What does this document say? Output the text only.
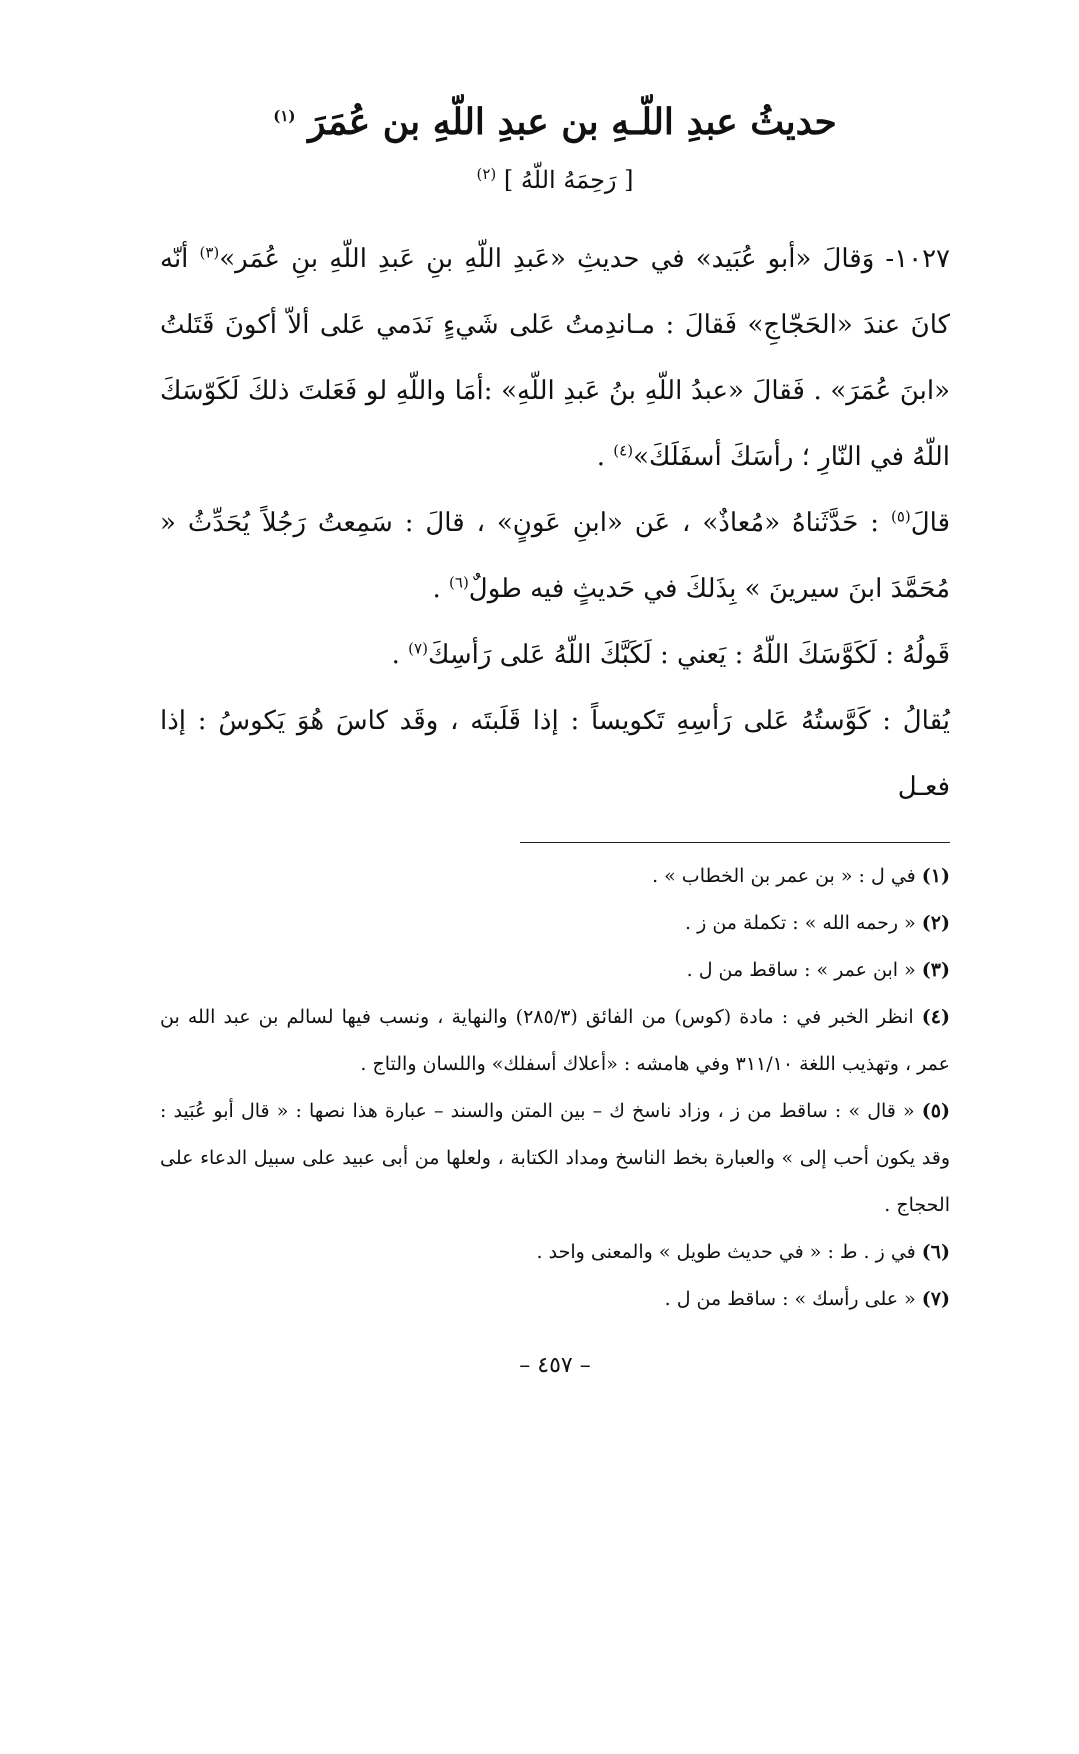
حديثُ عبدِ اللّـهِ بن عبدِ اللّهِ بن عُمَرَ $^{(١)}$
[ رَحِمَهُ اللّهُ ] $^{(٢)}$

١٠٢٧- وَقالَ «أبو عُبَيد» في حديثِ «عَبدِ اللّهِ بنِ عَبدِ اللّهِ بنِ عُمَر»$^{(٣)}$ أنّه كانَ عندَ «الحَجّاجِ» فَقالَ : مـاندِمتُ عَلى شَيءٍ نَدَمي عَلى ألاّ أكونَ قَتَلتُ «ابنَ عُمَرَ» . فَقالَ «عبدُ اللّهِ بنُ عَبدِ اللّهِ» :أمَا واللّهِ لو فَعَلتَ ذلكَ لَكَوّسَكَ اللّهُ في النّارِ ؛ رأسَكَ أسفَلَكَ»$^{(٤)}$ .

قالَ$^{(٥)}$ : حَدَّثَناهُ «مُعاذٌ» ، عَن «ابنِ عَونٍ» ، قالَ : سَمِعتُ رَجُلاً يُحَدِّثُ « مُحَمَّدَ ابنَ سيرينَ » بِذَلكَ في حَديثٍ فيه طولٌ$^{(٦)}$ .

قَولُهُ : لَكَوَّسَكَ اللّهُ : يَعني : لَكَبَّكَ اللّهُ عَلى رَأسِكَ$^{(٧)}$ .

يُقالُ : كَوَّستُهُ عَلى رَأسِهِ تَكويساً : إذا قَلَبتَه ، وقَد كاسَ هُوَ يَكوسُ : إذا فعـل

(١) في ل : « بن عمر بن الخطاب » .

(٢) « رحمه الله » : تكملة من ز .

(٣) « ابن عمر » : ساقط من ل .

(٤) انظر الخبر في : مادة (كوس) من الفائق (٢٨٥/٣) والنهاية ، ونسب فيها لسالم بن عبد الله بن عمر ، وتهذيب اللغة ٣١١/١٠ وفي هامشه : «أعلاك أسفلك» واللسان والتاج .

(٥) « قال » : ساقط من ز ، وزاد ناسخ ك – بين المتن والسند – عبارة هذا نصها : « قال أبو عُبَيد : وقد يكون أحب إلى » والعبارة بخط الناسخ ومداد الكتابة ، ولعلها من أبى عبيد على سبيل الدعاء على الحجاج .

(٦) في ز . ط : « في حديث طويل » والمعنى واحد .

(٧) « على رأسك » : ساقط من ل .

– ٤٥٧ –
